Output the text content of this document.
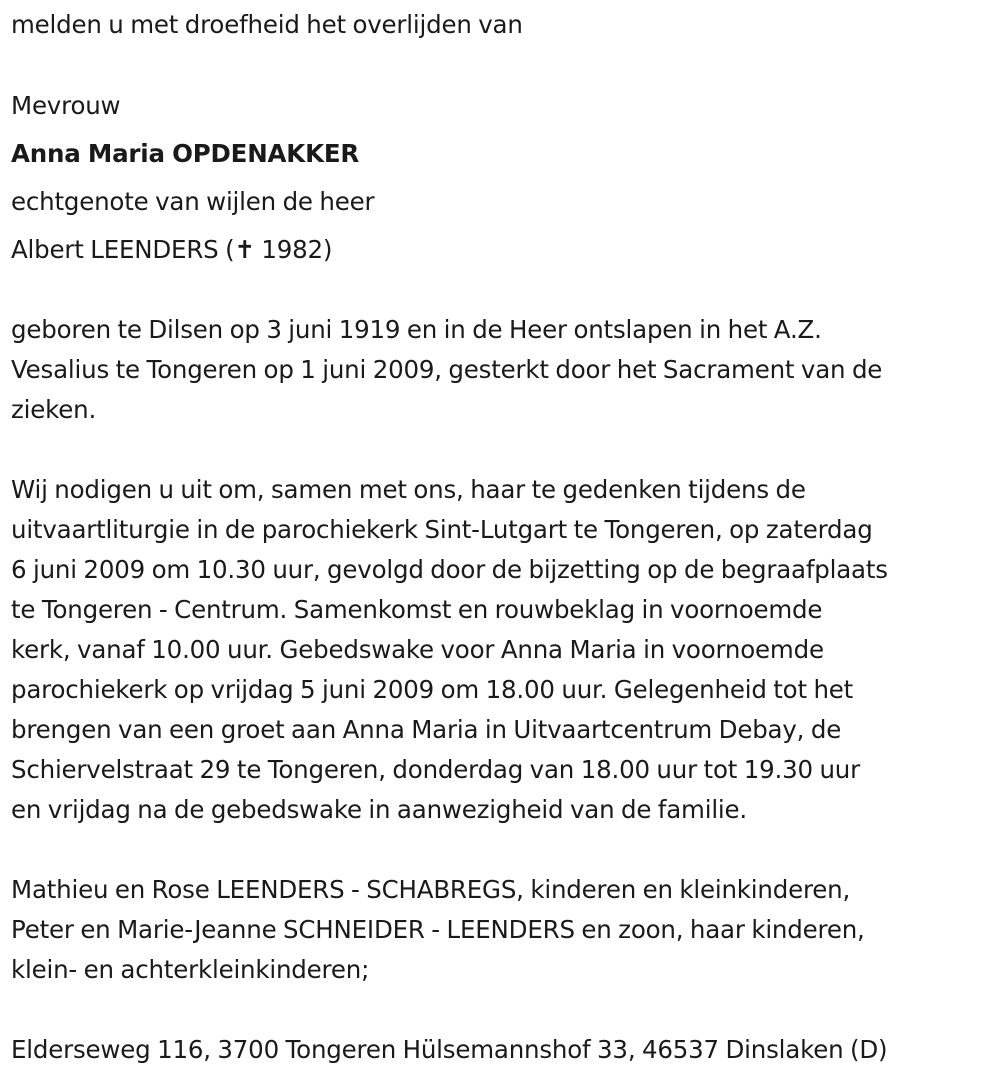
melden u met droefheid het overlijden van
Mevrouw
Anna Maria OPDENAKKER
echtgenote van wijlen de heer
Albert LEENDERS (✝ 1982)
geboren te Dilsen op 3 juni 1919 en in de Heer ontslapen in het A.Z.
Vesalius te Tongeren op 1 juni 2009, gesterkt door het Sacrament van de
zieken.
Wij nodigen u uit om, samen met ons, haar te gedenken tijdens de
uitvaartliturgie in de parochiekerk Sint-Lutgart te Tongeren, op zaterdag
6 juni 2009 om 10.30 uur, gevolgd door de bijzetting op de begraafplaats
te Tongeren - Centrum. Samenkomst en rouwbeklag in voornoemde
kerk, vanaf 10.00 uur. Gebedswake voor Anna Maria in voornoemde
parochiekerk op vrijdag 5 juni 2009 om 18.00 uur. Gelegenheid tot het
brengen van een groet aan Anna Maria in Uitvaartcentrum Debay, de
Schiervelstraat 29 te Tongeren, donderdag van 18.00 uur tot 19.30 uur
en vrijdag na de gebedswake in aanwezigheid van de familie.
Mathieu en Rose LEENDERS - SCHABREGS, kinderen en kleinkinderen,
Peter en Marie-Jeanne SCHNEIDER - LEENDERS en zoon, haar kinderen,
klein- en achterkleinkinderen;
Elderseweg 116, 3700 Tongeren Hülsemannshof 33, 46537 Dinslaken (D)
